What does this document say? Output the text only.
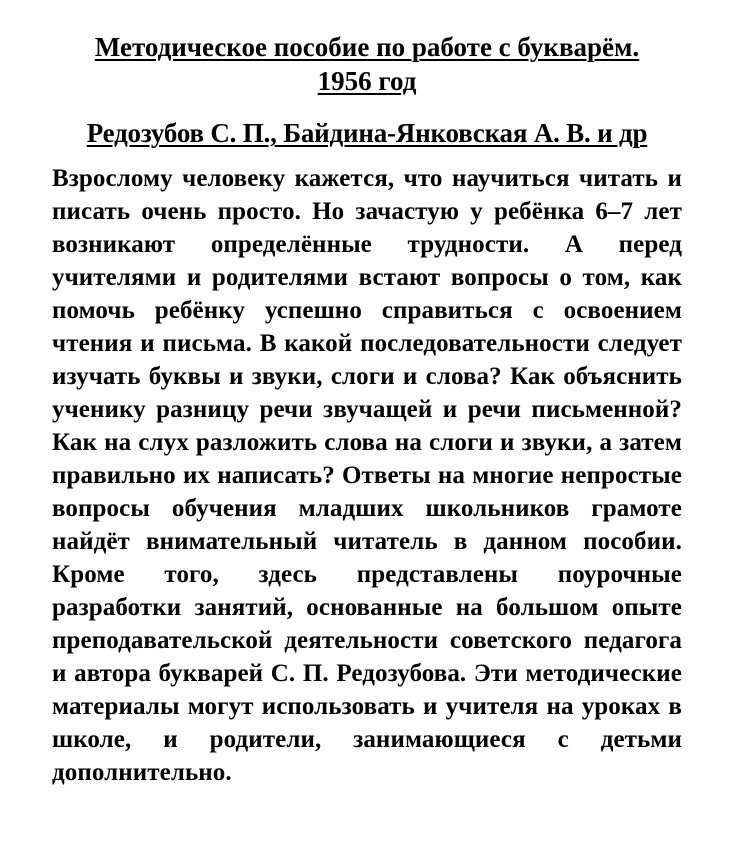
Методическое пособие по работе с букварём.
1956 год
Редозубов С. П., Байдина-Янковская А. В. и др

Взрослому человеку кажется, что научиться читать и писать очень просто. Но зачастую у ребёнка 6–7 лет возникают определённые трудности. А перед учителями и родителями встают вопросы о том, как помочь ребёнку успешно справиться с освоением чтения и письма. В какой последовательности следует изучать буквы и звуки, слоги и слова? Как объяснить ученику разницу речи звучащей и речи письменной? Как на слух разложить слова на слоги и звуки, а затем правильно их написать? Ответы на многие непростые вопросы обучения младших школьников грамоте найдёт внимательный читатель в данном пособии. Кроме того, здесь представлены поурочные разработки занятий, основанные на большом опыте преподавательской деятельности советского педагога и автора букварей С. П. Редозубова. Эти методические материалы могут использовать и учителя на уроках в школе, и родители, занимающиеся с детьми дополнительно.
